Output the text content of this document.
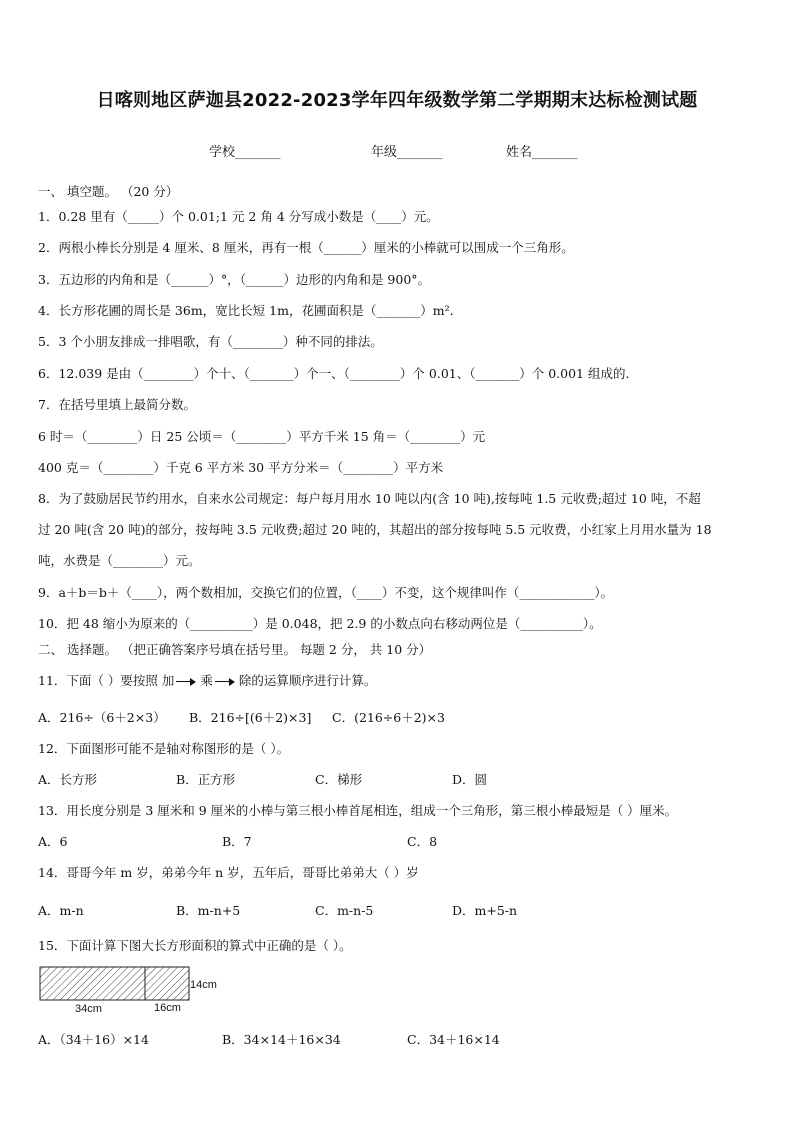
日喀则地区萨迦县2022-2023学年四年级数学第二学期期末达标检测试题
学校_______	年级_______	姓名_______
一、 填空题。 （20 分）
1．0.28 里有（_____）个 0.01;1 元 2 角 4 分写成小数是（____）元。
2．两根小棒长分别是 4 厘米、8 厘米，再有一根（______）厘米的小棒就可以围成一个三角形。
3．五边形的内角和是（______）°，（______）边形的内角和是 900°。
4．长方形花圃的周长是 36m，宽比长短 1m，花圃面积是（_______）m²．
5．3 个小朋友排成一排唱歌，有（________）种不同的排法。
6．12.039 是由（________）个十、（_______）个一、（________）个 0.01、（_______）个 0.001 组成的.
7．在括号里填上最简分数。
6 时＝（________）日 25 公顷＝（________）平方千米 15 角＝（________）元
400 克＝（________）千克 6 平方米 30 平方分米＝（________）平方米
8．为了鼓励居民节约用水，自来水公司规定：每户每月用水 10 吨以内(含 10 吨),按每吨 1.5 元收费;超过 10 吨，不超
过 20 吨(含 20 吨)的部分，按每吨 3.5 元收费;超过 20 吨的，其超出的部分按每吨 5.5 元收费，小红家上月用水量为 18
吨，水费是（________）元。
9．a＋b＝b＋（____），两个数相加，交换它们的位置，（____）不变，这个规律叫作（____________）。
10．把 48 缩小为原来的（__________）是 0.048，把 2.9 的小数点向右移动两位是（__________）。
二、 选择题。 （把正确答案序号填在括号里。 每题 2 分， 共 10 分）
11．下面（ ）要按照 加 乘 除的运算顺序进行计算。
A．216÷（6＋2×3） B．216÷[(6＋2)×3] C．(216÷6＋2)×3
12．下面图形可能不是轴对称图形的是（ ）。
A．长方形	B．正方形	C．梯形	D．圆
13．用长度分别是 3 厘米和 9 厘米的小棒与第三根小棒首尾相连，组成一个三角形，第三根小棒最短是（ ）厘米。
A．6	B．7	C．8
14．哥哥今年 m 岁，弟弟今年 n 岁，五年后，哥哥比弟弟大（ ）岁
A．m-n	B．m-n+5	C．m-n-5	D．m+5-n
15．下面计算下图大长方形面积的算式中正确的是（ ）。
34cm	16cm
14cm
A．（34＋16）×14	B．34×14＋16×34	C．34＋16×14
